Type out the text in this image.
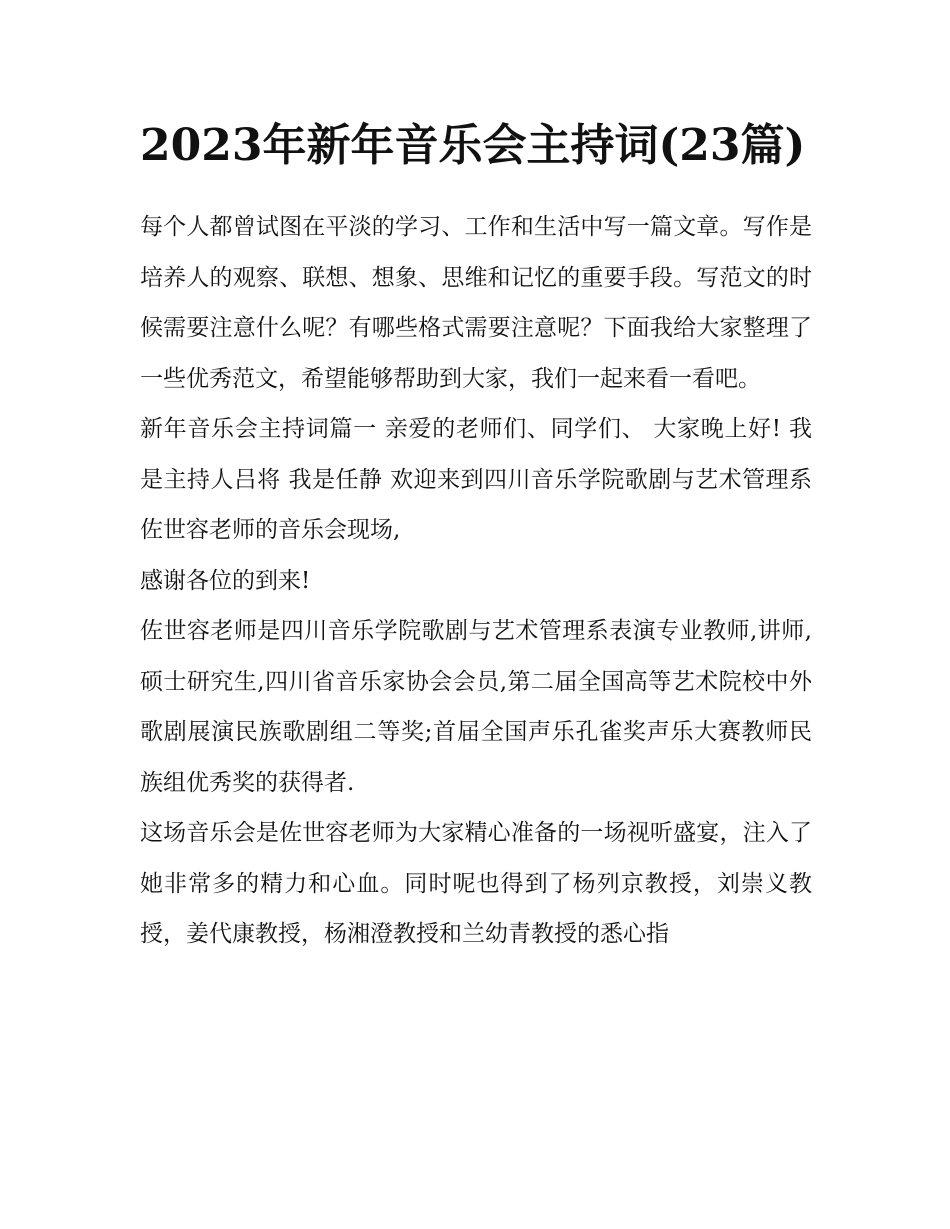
2023年新年音乐会主持词(23篇)

每个人都曾试图在平淡的学习、工作和生活中写一篇文章。写作是培养人的观察、联想、想象、思维和记忆的重要手段。写范文的时候需要注意什么呢？有哪些格式需要注意呢？下面我给大家整理了一些优秀范文，希望能够帮助到大家，我们一起来看一看吧。

新年音乐会主持词篇一 亲爱的老师们、同学们、 大家晚上好! 我是主持人吕将 我是任静 欢迎来到四川音乐学院歌剧与艺术管理系佐世容老师的音乐会现场,

感谢各位的到来!

佐世容老师是四川音乐学院歌剧与艺术管理系表演专业教师,讲师,硕士研究生,四川省音乐家协会会员,第二届全国高等艺术院校中外歌剧展演民族歌剧组二等奖;首届全国声乐孔雀奖声乐大赛教师民族组优秀奖的获得者.

这场音乐会是佐世容老师为大家精心准备的一场视听盛宴，注入了她非常多的精力和心血。同时呢也得到了杨列京教授，刘崇义教授，姜代康教授，杨湘澄教授和兰幼青教授的悉心指
